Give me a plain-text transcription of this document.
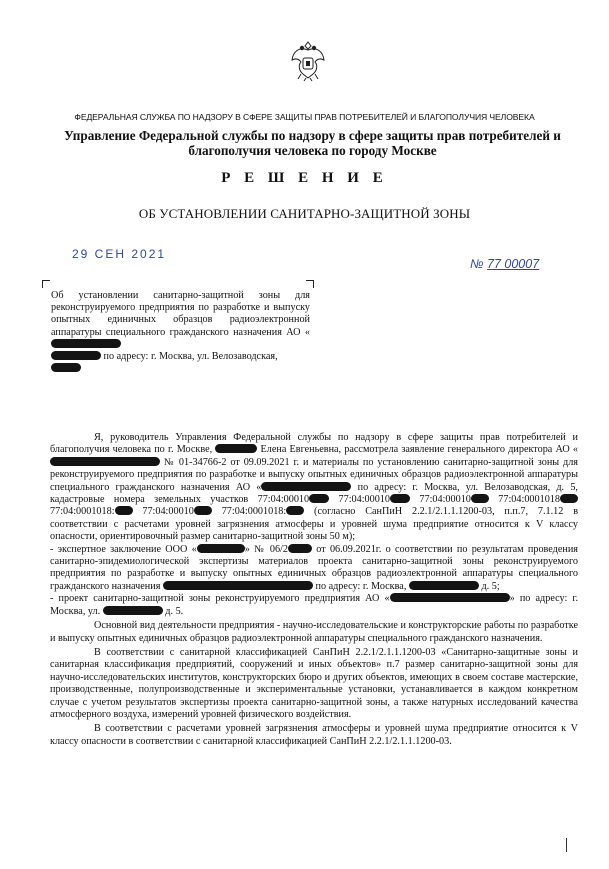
ФЕДЕРАЛЬНАЯ СЛУЖБА ПО НАДЗОРУ В СФЕРЕ ЗАЩИТЫ ПРАВ ПОТРЕБИТЕЛЕЙ И БЛАГОПОЛУЧИЯ ЧЕЛОВЕКА
Управление Федеральной службы по надзору в сфере защиты прав потребителей и
благополучия человека по городу Москве
Р Е Ш Е Н И Е
ОБ УСТАНОВЛЕНИИ САНИТАРНО-ЗАЩИТНОЙ ЗОНЫ
29 СЕН 2021
№ 77 00007
Об установлении санитарно-защитной зоны для реконструируемого предприятия по разработке и выпуску опытных единичных образцов радиоэлектронной аппаратуры специального гражданского назначения АО «
по адресу: г. Москва, ул. Велозаводская,

Я, руководитель Управления Федеральной службы по надзору в сфере защиты прав потребителей и благополучия человека по г. Москве,	Елена Евгеньевна, рассмотрела заявление генерального директора АО « № 01-34766-2 от 09.09.2021 г. и материалы по установлению санитарно-защитной зоны для реконструируемого предприятия по разработке и выпуску опытных единичных образцов радиоэлектронной аппаратуры специального гражданского назначения АО «	по адресу: г. Москва, ул. Велозаводская, д. 5, кадастровые номера земельных участков 77:04:00010 77:04:00010 77:04:00010 77:04:0001018 77:04:0001018: 77:04:00010 77:04:0001018: (согласно СанПиН 2.2.1/2.1.1.1200-03, п.п.7, 7.1.12 в соответствии с расчетами уровней загрязнения атмосферы и уровней шума предприятие относится к V классу опасности, ориентировочный размер санитарно-защитной зоны 50 м);

- экспертное заключение ООО «	» № 06/2 от 06.09.2021г. о соответствии по результатам проведения санитарно-эпидемиологической экспертизы материалов проекта санитарно-защитной зоны реконструируемого предприятия по разработке и выпуску опытных единичных образцов радиоэлектронной аппаратуры специального гражданского назначения	по адресу: г. Москва,	д. 5;

- проект санитарно-защитной зоны реконструируемого предприятия АО «	» по адресу: г. Москва, ул.	д. 5.

Основной вид деятельности предприятия - научно-исследовательские и конструкторские работы по разработке и выпуску опытных единичных образцов радиоэлектронной аппаратуры специального гражданского назначения.

В соответствии с санитарной классификацией СанПиН 2.2.1/2.1.1.1200-03 «Санитарно-защитные зоны и санитарная классификация предприятий, сооружений и иных объектов» п.7 размер санитарно-защитной зоны для научно-исследовательских институтов, конструкторских бюро и других объектов, имеющих в своем составе мастерские, производственные, полупроизводственные и экспериментальные установки, устанавливается в каждом конкретном случае с учетом результатов экспертизы проекта санитарно-защитной зоны, а также натурных исследований качества атмосферного воздуха, измерений уровней физического воздействия.

В соответствии с расчетами уровней загрязнения атмосферы и уровней шума предприятие относится к V классу опасности в соответствии с санитарной классификацией СанПиН 2.2.1/2.1.1.1200-03.
